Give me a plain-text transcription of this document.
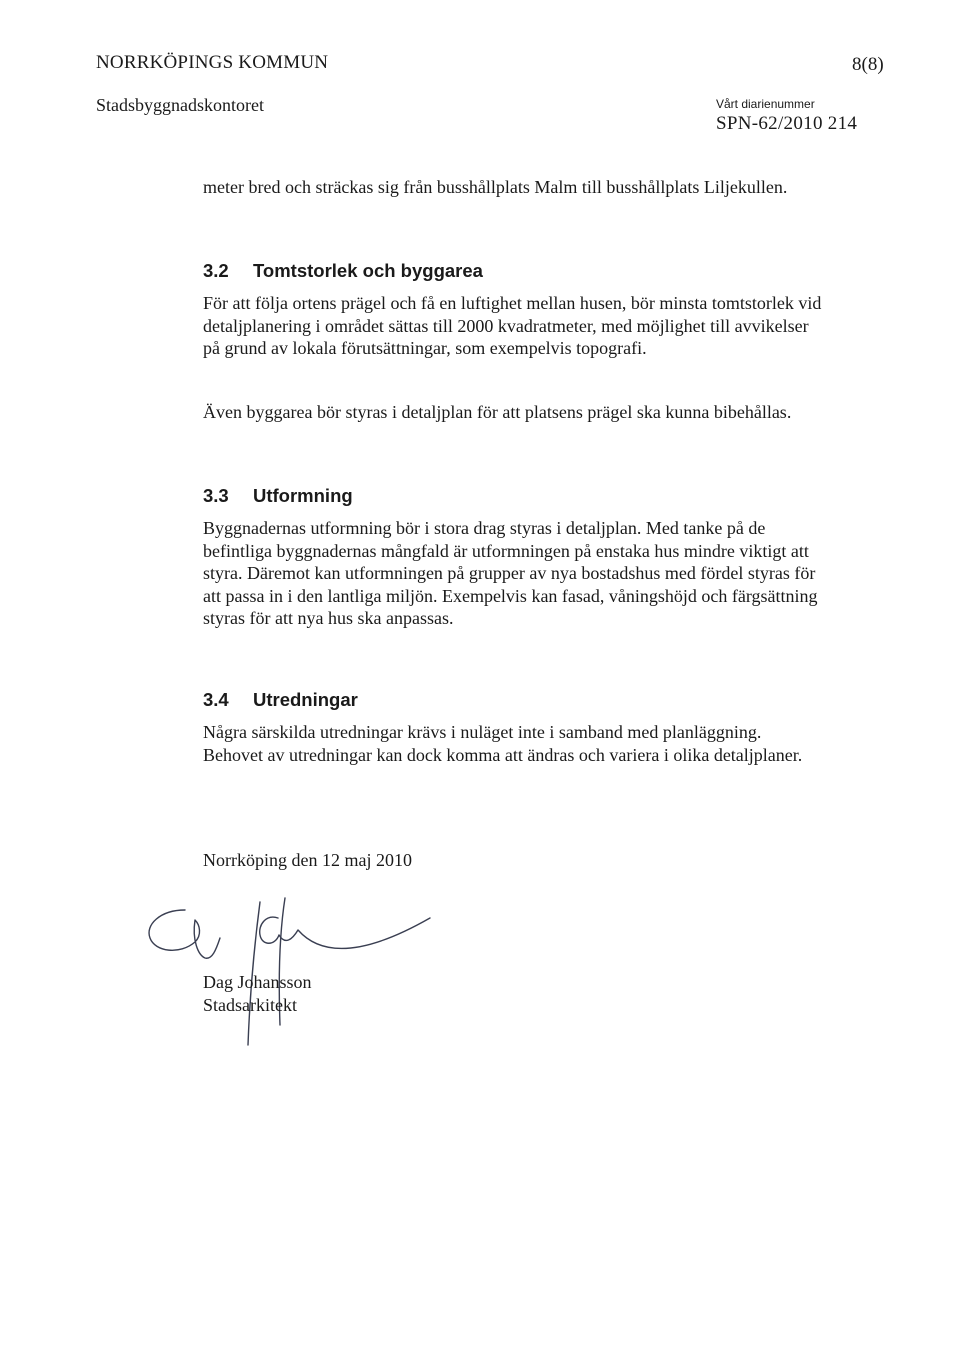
NORRKÖPINGS KOMMUN	8(8)
Stadsbyggnadskontoret	Vårt diarienummer
SPN-62/2010 214
meter bred och sträckas sig från busshållplats Malm till busshållplats Liljekullen.
3.2 Tomtstorlek och byggarea
För att följa ortens prägel och få en luftighet mellan husen, bör minsta tomtstorlek vid detaljplanering i området sättas till 2000 kvadratmeter, med möjlighet till avvikelser på grund av lokala förutsättningar, som exempelvis topografi.
Även byggarea bör styras i detaljplan för att platsens prägel ska kunna bibehållas.
3.3 Utformning
Byggnadernas utformning bör i stora drag styras i detaljplan. Med tanke på de befintliga byggnadernas mångfald är utformningen på enstaka hus mindre viktigt att styra. Däremot kan utformningen på grupper av nya bostadshus med fördel styras för att passa in i den lantliga miljön. Exempelvis kan fasad, våningshöjd och färgsättning styras för att nya hus ska anpassas.
3.4 Utredningar
Några särskilda utredningar krävs i nuläget inte i samband med planläggning. Behovet av utredningar kan dock komma att ändras och variera i olika detaljplaner.
Norrköping den 12 maj 2010
Dag Johansson
Stadsarkitekt
